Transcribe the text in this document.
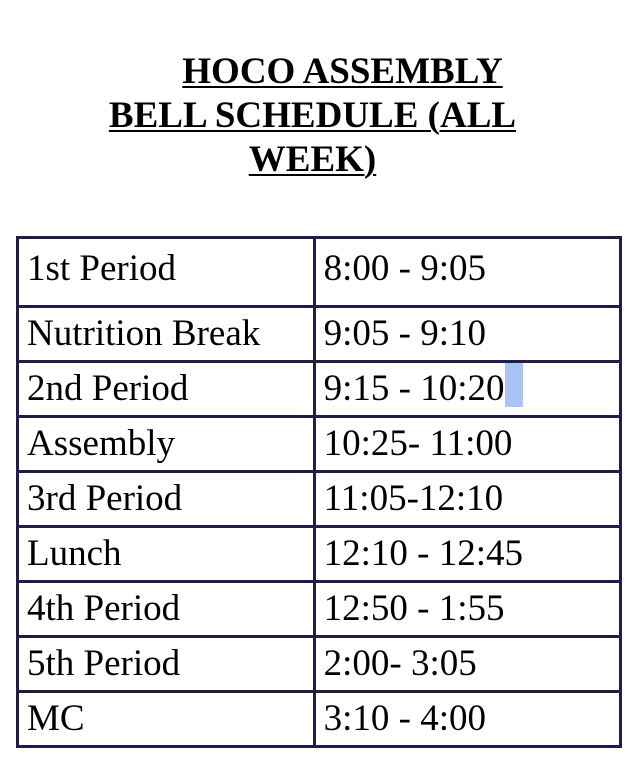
HOCO ASSEMBLY
BELL SCHEDULE (ALL
WEEK)
1st Period	8:00 - 9:05
Nutrition Break	9:05 - 9:10
2nd Period	9:15 - 10:20
Assembly	10:25- 11:00
3rd Period	11:05-12:10
Lunch	12:10 - 12:45
4th Period	12:50 - 1:55
5th Period	2:00- 3:05
MC	3:10 - 4:00
